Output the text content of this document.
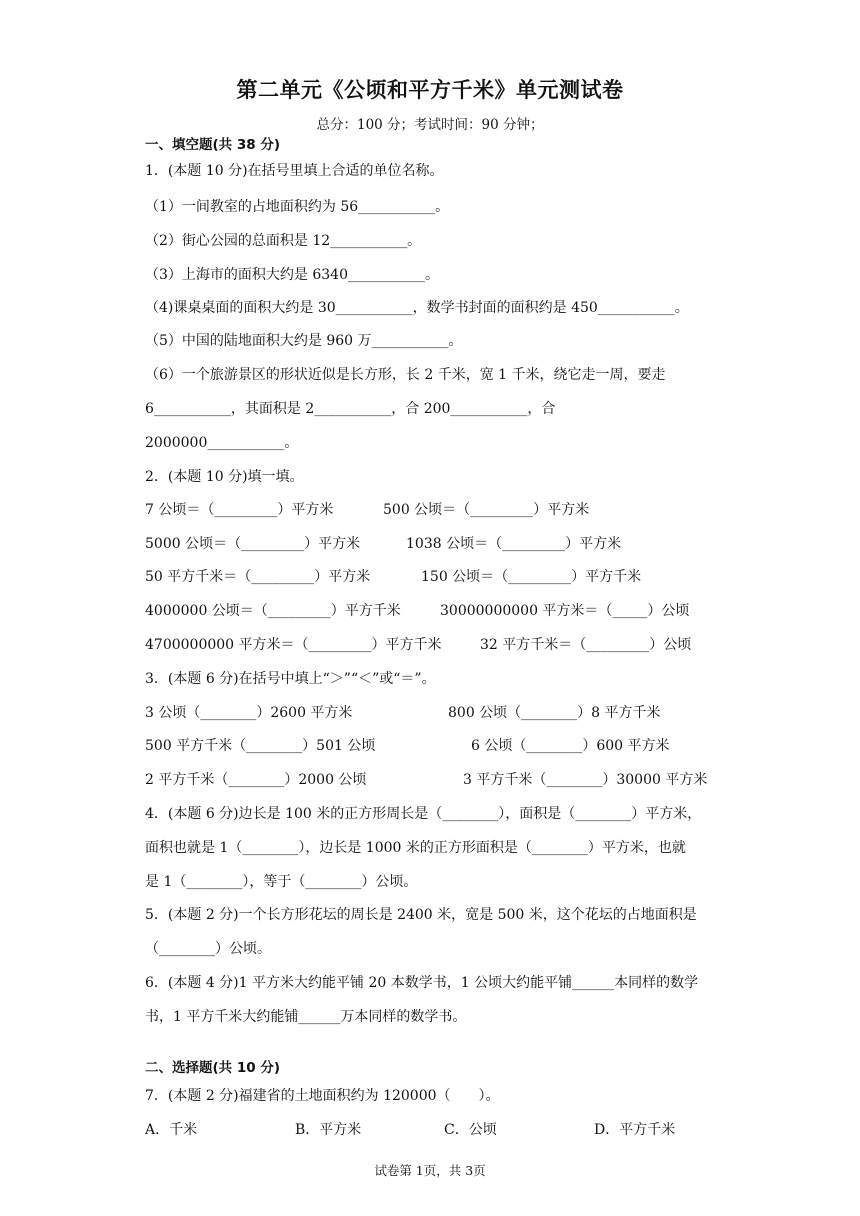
第二单元《公顷和平方千米》单元测试卷
总分：100 分；考试时间：90 分钟；
一、填空题(共 38 分)
1．(本题 10 分)在括号里填上合适的单位名称。
（1）一间教室的占地面积约为 56___________。
（2）街心公园的总面积是 12___________。
（3）上海市的面积大约是 6340___________。
（4)课桌桌面的面积大约是 30___________，数学书封面的面积约是 450___________。
（5）中国的陆地面积大约是 960 万___________。
（6）一个旅游景区的形状近似是长方形，长 2 千米，宽 1 千米，绕它走一周，要走
6___________，其面积是 2___________，合 200___________，合
2000000___________。
2．(本题 10 分)填一填。
7 公顷＝（_________）平方米	500 公顷＝（_________）平方米
5000 公顷＝（_________）平方米	1038 公顷＝（_________）平方米
50 平方千米＝（_________）平方米	150 公顷＝（_________）平方千米
4000000 公顷＝（_________）平方千米	30000000000 平方米＝（_____）公顷
4700000000 平方米＝（_________）平方千米	32 平方千米＝（_________）公顷
3．(本题 6 分)在括号中填上“＞”“＜”或“＝”。
3 公顷（________）2600 平方米	800 公顷（________）8 平方千米
500 平方千米（________）501 公顷	6 公顷（________）600 平方米
2 平方千米（________）2000 公顷	3 平方千米（________）30000 平方米
4．(本题 6 分)边长是 100 米的正方形周长是（________），面积是（________）平方米，
面积也就是 1（________），边长是 1000 米的正方形面积是（________）平方米，也就
是 1（________），等于（________）公顷。
5．(本题 2 分)一个长方形花坛的周长是 2400 米，宽是 500 米，这个花坛的占地面积是
（________）公顷。
6．(本题 4 分)1 平方米大约能平铺 20 本数学书，1 公顷大约能平铺______本同样的数学
书，1 平方千米大约能铺______万本同样的数学书。
二、选择题(共 10 分)
7．(本题 2 分)福建省的土地面积约为 120000（　　）。
A．千米	B．平方米	C．公顷	D．平方千米
试卷第 1页，共 3页
